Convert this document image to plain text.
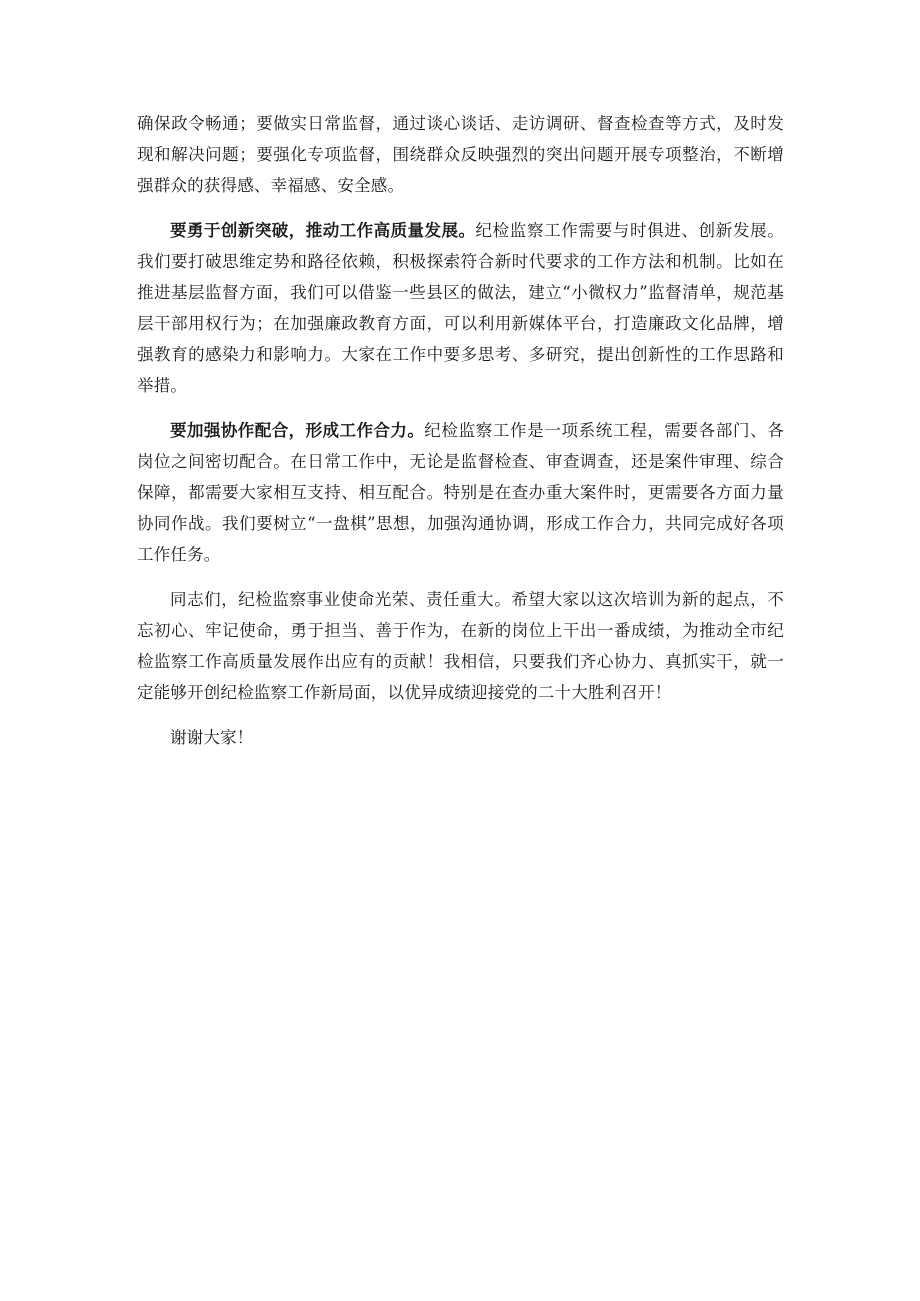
确保政令畅通；要做实日常监督，通过谈心谈话、走访调研、督查检查等方式，及时发现和解决问题；要强化专项监督，围绕群众反映强烈的突出问题开展专项整治，不断增强群众的获得感、幸福感、安全感。

要勇于创新突破，推动工作高质量发展。纪检监察工作需要与时俱进、创新发展。我们要打破思维定势和路径依赖，积极探索符合新时代要求的工作方法和机制。比如在推进基层监督方面，我们可以借鉴一些县区的做法，建立“小微权力”监督清单，规范基层干部用权行为；在加强廉政教育方面，可以利用新媒体平台，打造廉政文化品牌，增强教育的感染力和影响力。大家在工作中要多思考、多研究，提出创新性的工作思路和举措。

要加强协作配合，形成工作合力。纪检监察工作是一项系统工程，需要各部门、各岗位之间密切配合。在日常工作中，无论是监督检查、审查调查，还是案件审理、综合保障，都需要大家相互支持、相互配合。特别是在查办重大案件时，更需要各方面力量协同作战。我们要树立“一盘棋”思想，加强沟通协调，形成工作合力，共同完成好各项工作任务。

同志们，纪检监察事业使命光荣、责任重大。希望大家以这次培训为新的起点，不忘初心、牢记使命，勇于担当、善于作为，在新的岗位上干出一番成绩，为推动全市纪检监察工作高质量发展作出应有的贡献！我相信，只要我们齐心协力、真抓实干，就一定能够开创纪检监察工作新局面，以优异成绩迎接党的二十大胜利召开！

谢谢大家！
